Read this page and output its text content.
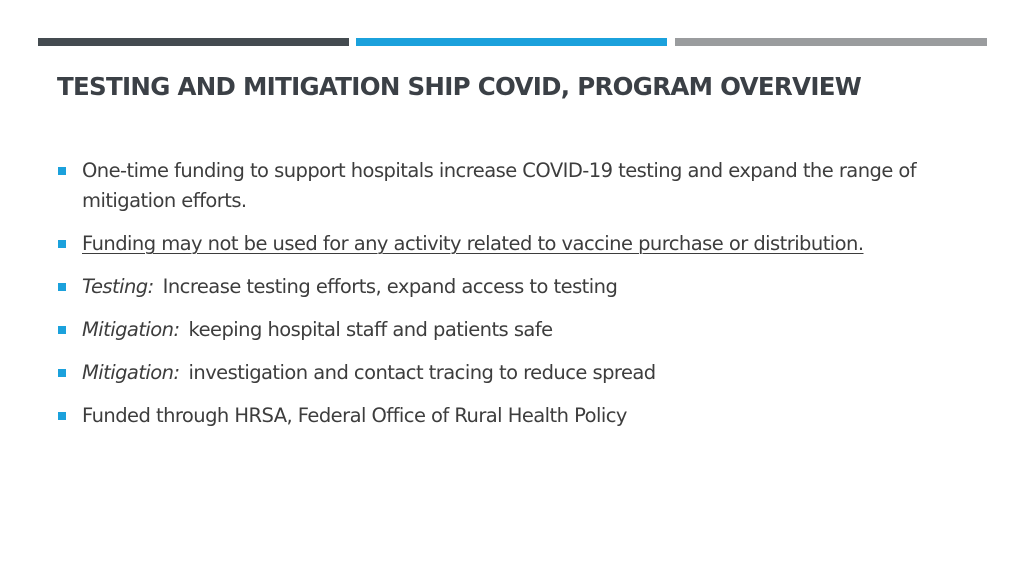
TESTING AND MITIGATION SHIP COVID, PROGRAM OVERVIEW
One-time funding to support hospitals increase COVID-19 testing and expand the range of mitigation efforts.
Funding may not be used for any activity related to vaccine purchase or distribution.
Testing: Increase testing efforts, expand access to testing
Mitigation: keeping hospital staff and patients safe
Mitigation: investigation and contact tracing to reduce spread
Funded through HRSA, Federal Office of Rural Health Policy
